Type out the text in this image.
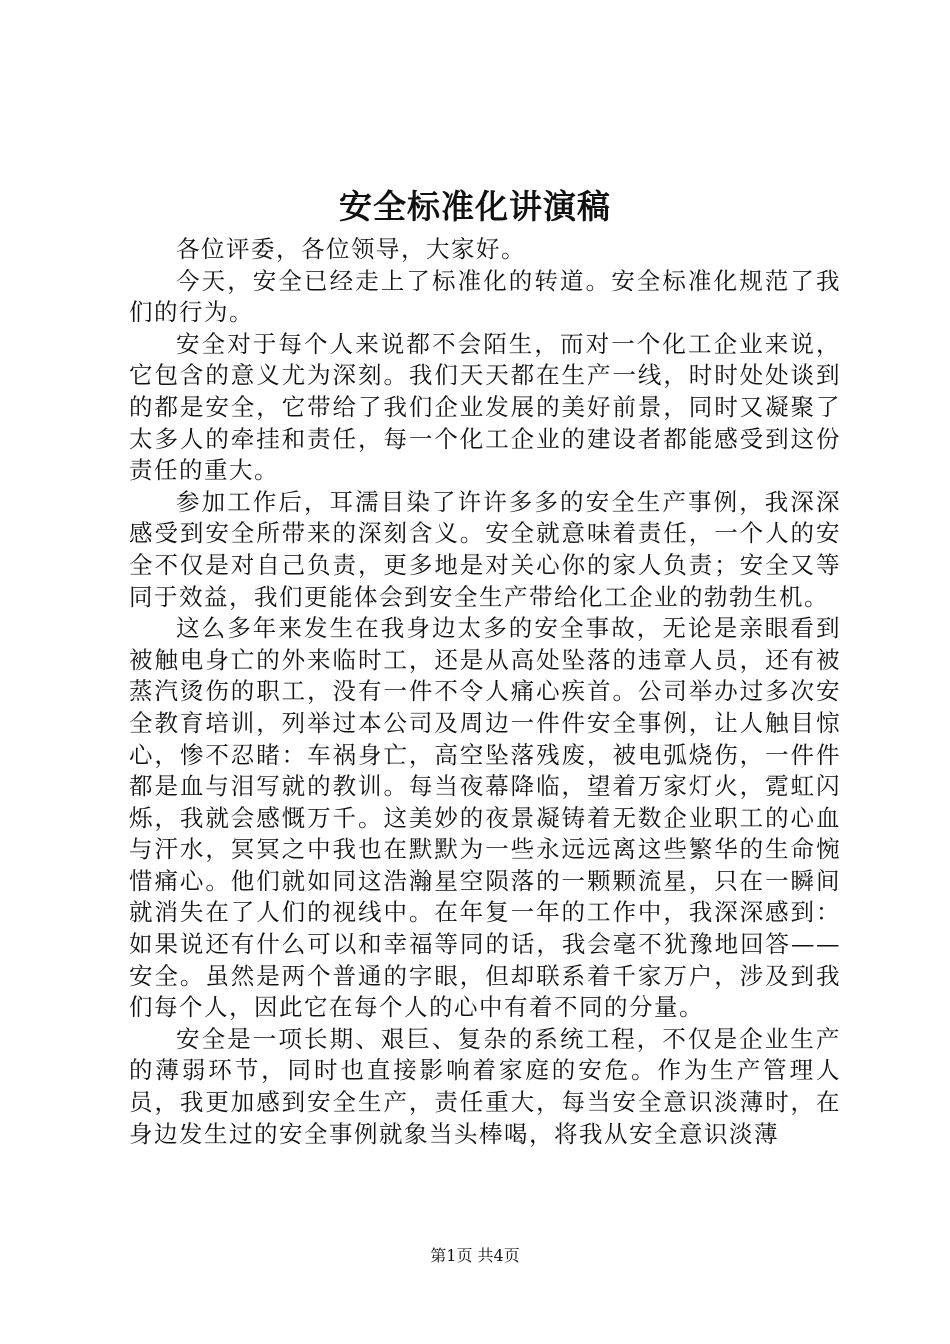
安全标准化讲演稿

各位评委，各位领导，大家好。

今天，安全已经走上了标准化的转道。安全标准化规范了我们的行为。

安全对于每个人来说都不会陌生，而对一个化工企业来说，它包含的意义尤为深刻。我们天天都在生产一线，时时处处谈到的都是安全，它带给了我们企业发展的美好前景，同时又凝聚了太多人的牵挂和责任，每一个化工企业的建设者都能感受到这份责任的重大。

参加工作后，耳濡目染了许许多多的安全生产事例，我深深感受到安全所带来的深刻含义。安全就意味着责任，一个人的安全不仅是对自己负责，更多地是对关心你的家人负责；安全又等同于效益，我们更能体会到安全生产带给化工企业的勃勃生机。

这么多年来发生在我身边太多的安全事故，无论是亲眼看到被触电身亡的外来临时工，还是从高处坠落的违章人员，还有被蒸汽烫伤的职工，没有一件不令人痛心疾首。公司举办过多次安全教育培训，列举过本公司及周边一件件安全事例，让人触目惊心，惨不忍睹：车祸身亡，高空坠落残废，被电弧烧伤，一件件都是血与泪写就的教训。每当夜幕降临，望着万家灯火，霓虹闪烁，我就会感慨万千。这美妙的夜景凝铸着无数企业职工的心血与汗水，冥冥之中我也在默默为一些永远远离这些繁华的生命惋惜痛心。他们就如同这浩瀚星空陨落的一颗颗流星，只在一瞬间就消失在了人们的视线中。在年复一年的工作中，我深深感到：如果说还有什么可以和幸福等同的话，我会毫不犹豫地回答——安全。虽然是两个普通的字眼，但却联系着千家万户，涉及到我们每个人，因此它在每个人的心中有着不同的分量。

安全是一项长期、艰巨、复杂的系统工程，不仅是企业生产的薄弱环节，同时也直接影响着家庭的安危。作为生产管理人员，我更加感到安全生产，责任重大，每当安全意识淡薄时，在身边发生过的安全事例就象当头棒喝，将我从安全意识淡薄

第1页 共4页
